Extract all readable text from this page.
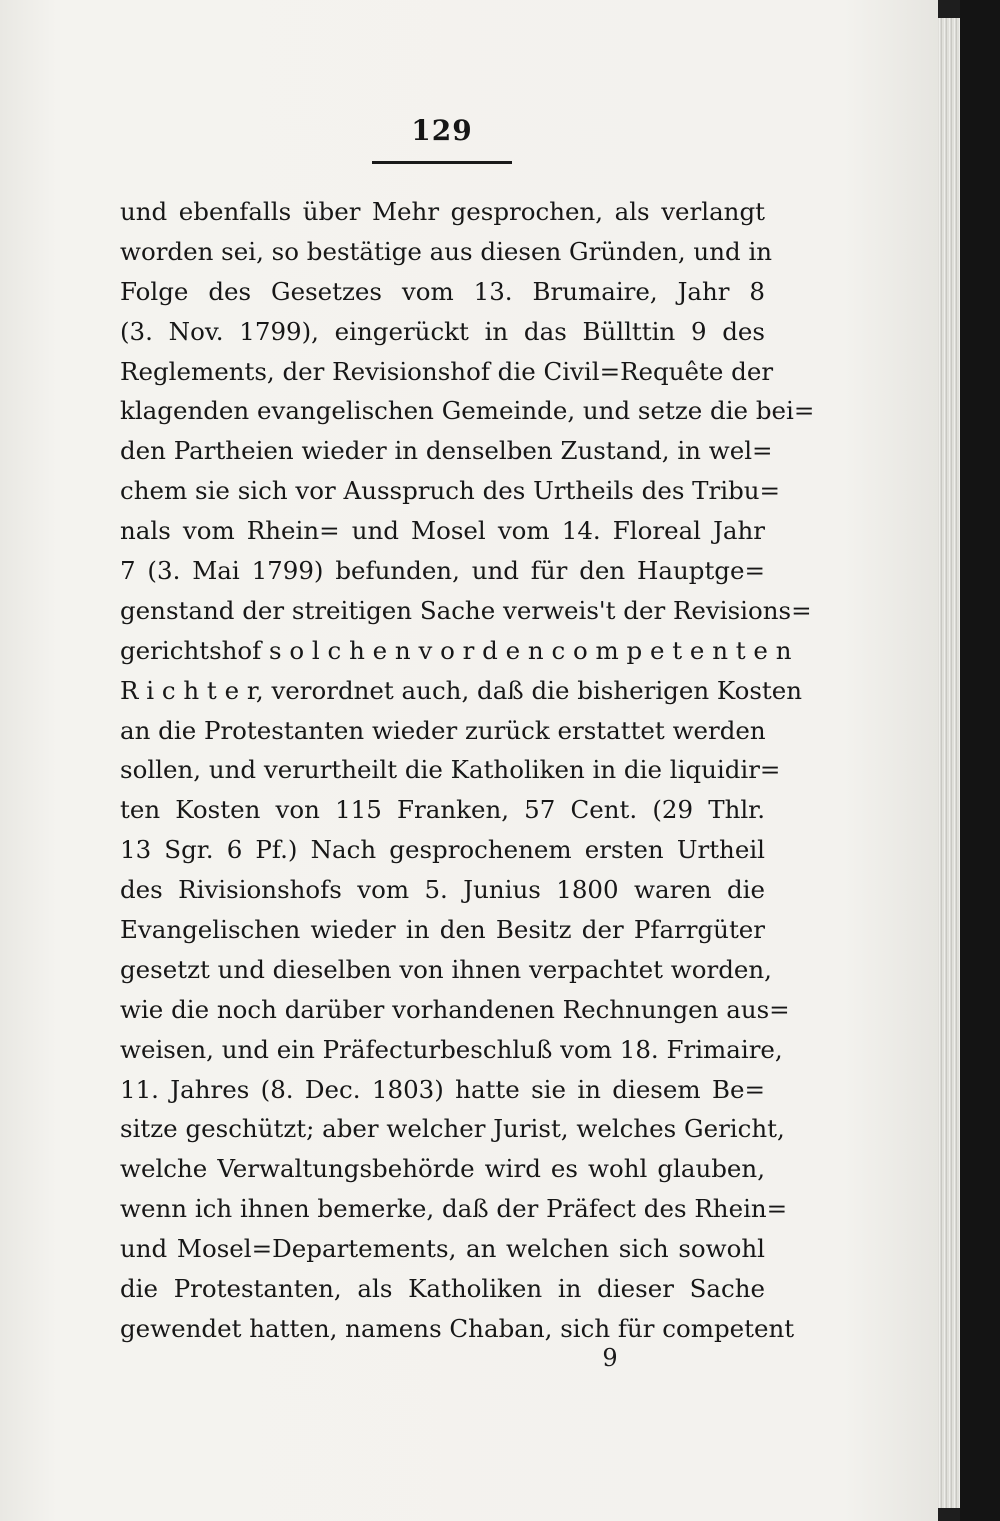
129
und ebenfalls über Mehr gesprochen, als verlangt
worden sei, so bestätige aus diesen Gründen, und in
Folge des Gesetzes vom 13. Brumaire, Jahr 8
(3. Nov. 1799), eingerückt in das Büllttin 9 des
Reglements, der Revisionshof die Civil=Requête der
klagenden evangelischen Gemeinde, und setze die bei=
den Partheien wieder in denselben Zustand, in wel=
chem sie sich vor Ausspruch des Urtheils des Tribu=
nals vom Rhein= und Mosel vom 14. Floreal Jahr
7 (3. Mai 1799) befunden, und für den Hauptge=
genstand der streitigen Sache verweis't der Revisions=
gerichtshof s o l c h e n v o r d e n c o m p e t e n t e n
R i c h t e r, verordnet auch, daß die bisherigen Kosten
an die Protestanten wieder zurück erstattet werden
sollen, und verurtheilt die Katholiken in die liquidir=
ten Kosten von 115 Franken, 57 Cent. (29 Thlr.
13 Sgr. 6 Pf.) Nach gesprochenem ersten Urtheil
des Rivisionshofs vom 5. Junius 1800 waren die
Evangelischen wieder in den Besitz der Pfarrgüter
gesetzt und dieselben von ihnen verpachtet worden,
wie die noch darüber vorhandenen Rechnungen aus=
weisen, und ein Präfecturbeschluß vom 18. Frimaire,
11. Jahres (8. Dec. 1803) hatte sie in diesem Be=
sitze geschützt; aber welcher Jurist, welches Gericht,
welche Verwaltungsbehörde wird es wohl glauben,
wenn ich ihnen bemerke, daß der Präfect des Rhein=
und Mosel=Departements, an welchen sich sowohl
die Protestanten, als Katholiken in dieser Sache
gewendet hatten, namens Chaban, sich für competent
9
